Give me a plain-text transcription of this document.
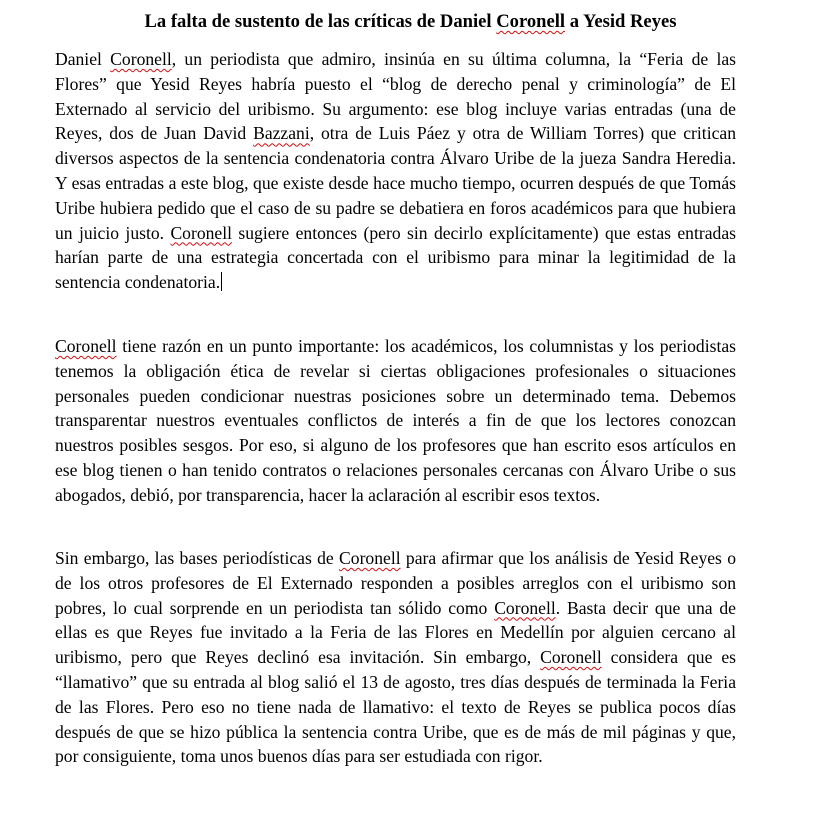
La falta de sustento de las críticas de Daniel Coronell a Yesid Reyes

Daniel Coronell, un periodista que admiro, insinúa en su última columna, la “Feria de las Flores” que Yesid Reyes habría puesto el “blog de derecho penal y criminología” de El Externado al servicio del uribismo. Su argumento: ese blog incluye varias entradas (una de Reyes, dos de Juan David Bazzani, otra de Luis Páez y otra de William Torres) que critican diversos aspectos de la sentencia condenatoria contra Álvaro Uribe de la jueza Sandra Heredia. Y esas entradas a este blog, que existe desde hace mucho tiempo, ocurren después de que Tomás Uribe hubiera pedido que el caso de su padre se debatiera en foros académicos para que hubiera un juicio justo. Coronell sugiere entonces (pero sin decirlo explícitamente) que estas entradas harían parte de una estrategia concertada con el uribismo para minar la legitimidad de la sentencia condenatoria.

Coronell tiene razón en un punto importante: los académicos, los columnistas y los periodistas tenemos la obligación ética de revelar si ciertas obligaciones profesionales o situaciones personales pueden condicionar nuestras posiciones sobre un determinado tema. Debemos transparentar nuestros eventuales conflictos de interés a fin de que los lectores conozcan nuestros posibles sesgos. Por eso, si alguno de los profesores que han escrito esos artículos en ese blog tienen o han tenido contratos o relaciones personales cercanas con Álvaro Uribe o sus abogados, debió, por transparencia, hacer la aclaración al escribir esos textos.

Sin embargo, las bases periodísticas de Coronell para afirmar que los análisis de Yesid Reyes o de los otros profesores de El Externado responden a posibles arreglos con el uribismo son pobres, lo cual sorprende en un periodista tan sólido como Coronell. Basta decir que una de ellas es que Reyes fue invitado a la Feria de las Flores en Medellín por alguien cercano al uribismo, pero que Reyes declinó esa invitación. Sin embargo, Coronell considera que es “llamativo” que su entrada al blog salió el 13 de agosto, tres días después de terminada la Feria de las Flores. Pero eso no tiene nada de llamativo: el texto de Reyes se publica pocos días después de que se hizo pública la sentencia contra Uribe, que es de más de mil páginas y que, por consiguiente, toma unos buenos días para ser estudiada con rigor.
